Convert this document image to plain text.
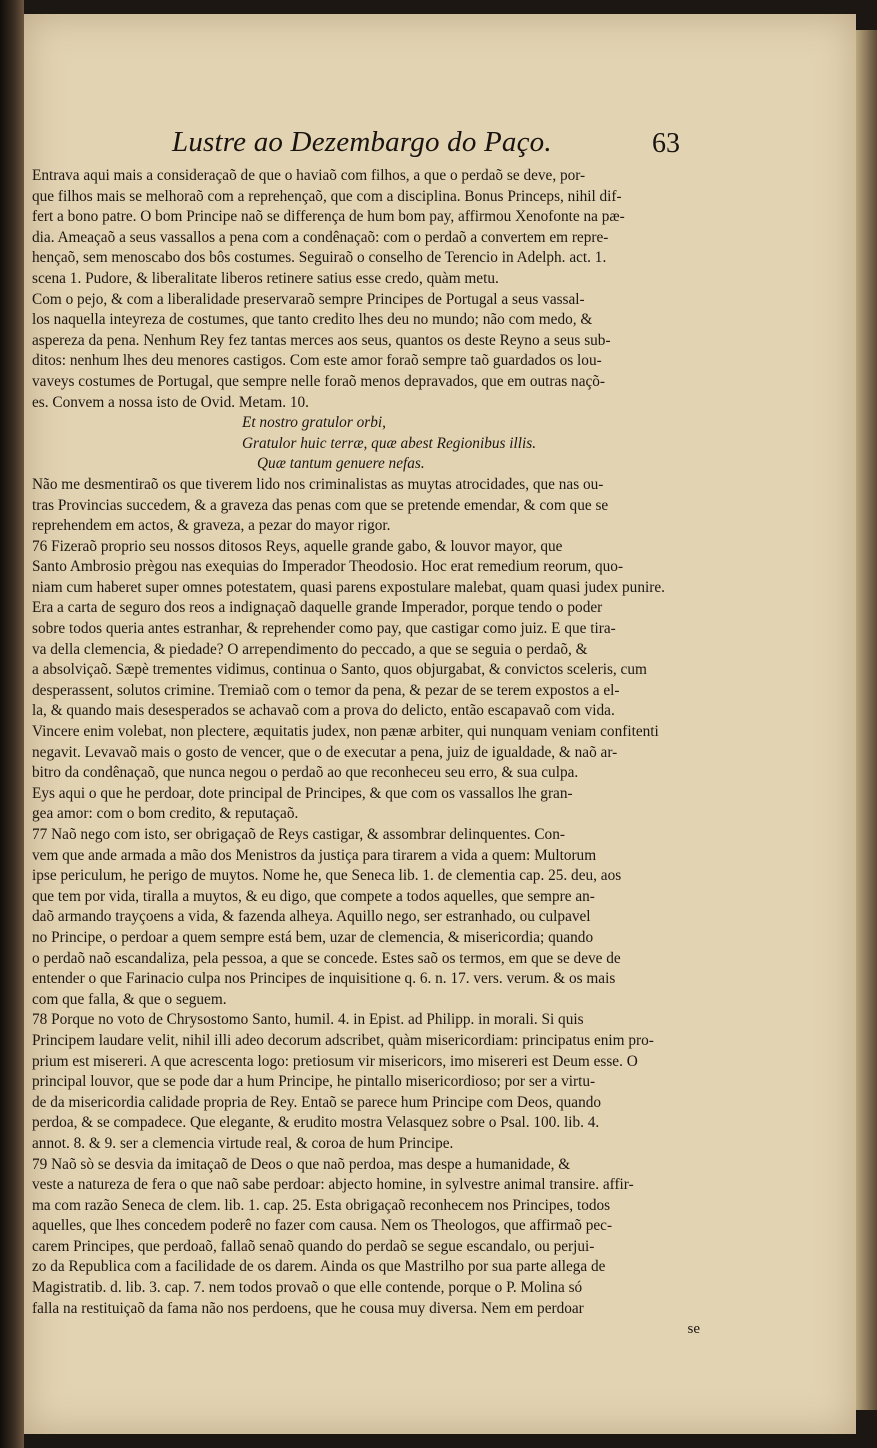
Lustre ao Dezembargo do Paço.	63
Entrava aqui mais a consideraçaõ de que o haviaõ com filhos, a que o perdaõ se deve, por-
que filhos mais se melhoraõ com a reprehençaõ, que com a disciplina. Bonus Princeps, nihil dif-
fert a bono patre. O bom Principe naõ se differença de hum bom pay, affirmou Xenofonte na pæ-
dia. Ameaçaõ a seus vassallos a pena com a condênaçaõ: com o perdaõ a convertem em repre-
hençaõ, sem menoscabo dos bôs costumes. Seguiraõ o conselho de Terencio in Adelph. act. 1.
scena 1. Pudore, & liberalitate liberos retinere satius esse credo, quàm metu.
Com o pejo, & com a liberalidade preservaraõ sempre Principes de Portugal a seus vassal-
los naquella inteyreza de costumes, que tanto credito lhes deu no mundo; não com medo, &
aspereza da pena. Nenhum Rey fez tantas merces aos seus, quantos os deste Reyno a seus sub-
ditos: nenhum lhes deu menores castigos. Com este amor foraõ sempre taõ guardados os lou-
vaveys costumes de Portugal, que sempre nelle foraõ menos depravados, que em outras naçõ-
es. Convem a nossa isto de Ovid. Metam. 10.
Et nostro gratulor orbi,
Gratulor huic terræ, quæ abest Regionibus illis.
Quæ tantum genuere nefas.
Não me desmentiraõ os que tiverem lido nos criminalistas as muytas atrocidades, que nas ou-
tras Provincias succedem, & a graveza das penas com que se pretende emendar, & com que se
reprehendem em actos, & graveza, a pezar do mayor rigor.
76 Fizeraõ proprio seu nossos ditosos Reys, aquelle grande gabo, & louvor mayor, que
Santo Ambrosio prègou nas exequias do Imperador Theodosio. Hoc erat remedium reorum, quo-
niam cum haberet super omnes potestatem, quasi parens expostulare malebat, quam quasi judex punire.
Era a carta de seguro dos reos a indignaçaõ daquelle grande Imperador, porque tendo o poder
sobre todos queria antes estranhar, & reprehender como pay, que castigar como juiz. E que tira-
va della clemencia, & piedade? O arrependimento do peccado, a que se seguia o perdaõ, &
a absolviçaõ. Sæpè trementes vidimus, continua o Santo, quos objurgabat, & convictos sceleris, cum
desperassent, solutos crimine. Tremiaõ com o temor da pena, & pezar de se terem expostos a el-
la, & quando mais desesperados se achavaõ com a prova do delicto, então escapavaõ com vida.
Vincere enim volebat, non plectere, æquitatis judex, non pænæ arbiter, qui nunquam veniam confitenti
negavit. Levavaõ mais o gosto de vencer, que o de executar a pena, juiz de igualdade, & naõ ar-
bitro da condênaçaõ, que nunca negou o perdaõ ao que reconheceu seu erro, & sua culpa.
Eys aqui o que he perdoar, dote principal de Principes, & que com os vassallos lhe gran-
gea amor: com o bom credito, & reputaçaõ.
77 Naõ nego com isto, ser obrigaçaõ de Reys castigar, & assombrar delinquentes. Con-
vem que ande armada a mão dos Menistros da justiça para tirarem a vida a quem: Multorum
ipse periculum, he perigo de muytos. Nome he, que Seneca lib. 1. de clementia cap. 25. deu, aos
que tem por vida, tiralla a muytos, & eu digo, que compete a todos aquelles, que sempre an-
daõ armando trayçoens a vida, & fazenda alheya. Aquillo nego, ser estranhado, ou culpavel
no Principe, o perdoar a quem sempre está bem, uzar de clemencia, & misericordia; quando
o perdaõ naõ escandaliza, pela pessoa, a que se concede. Estes saõ os termos, em que se deve de
entender o que Farinacio culpa nos Principes de inquisitione q. 6. n. 17. vers. verum. & os mais
com que falla, & que o seguem.
78 Porque no voto de Chrysostomo Santo, humil. 4. in Epist. ad Philipp. in morali. Si quis
Principem laudare velit, nihil illi adeo decorum adscribet, quàm misericordiam: principatus enim pro-
prium est misereri. A que acrescenta logo: pretiosum vir misericors, imo misereri est Deum esse. O
principal louvor, que se pode dar a hum Principe, he pintallo misericordioso; por ser a virtu-
de da misericordia calidade propria de Rey. Entaõ se parece hum Principe com Deos, quando
perdoa, & se compadece. Que elegante, & erudito mostra Velasquez sobre o Psal. 100. lib. 4.
annot. 8. & 9. ser a clemencia virtude real, & coroa de hum Principe.
79 Naõ sò se desvia da imitaçaõ de Deos o que naõ perdoa, mas despe a humanidade, &
veste a natureza de fera o que naõ sabe perdoar: abjecto homine, in sylvestre animal transire. affir-
ma com razão Seneca de clem. lib. 1. cap. 25. Esta obrigaçaõ reconhecem nos Principes, todos
aquelles, que lhes concedem poderê no fazer com causa. Nem os Theologos, que affirmaõ pec-
carem Principes, que perdoaõ, fallaõ senaõ quando do perdaõ se segue escandalo, ou perjui-
zo da Republica com a facilidade de os darem. Ainda os que Mastrilho por sua parte allega de
Magistratib. d. lib. 3. cap. 7. nem todos provaõ o que elle contende, porque o P. Molina só
falla na restituiçaõ da fama não nos perdoens, que he cousa muy diversa. Nem em perdoar
se
